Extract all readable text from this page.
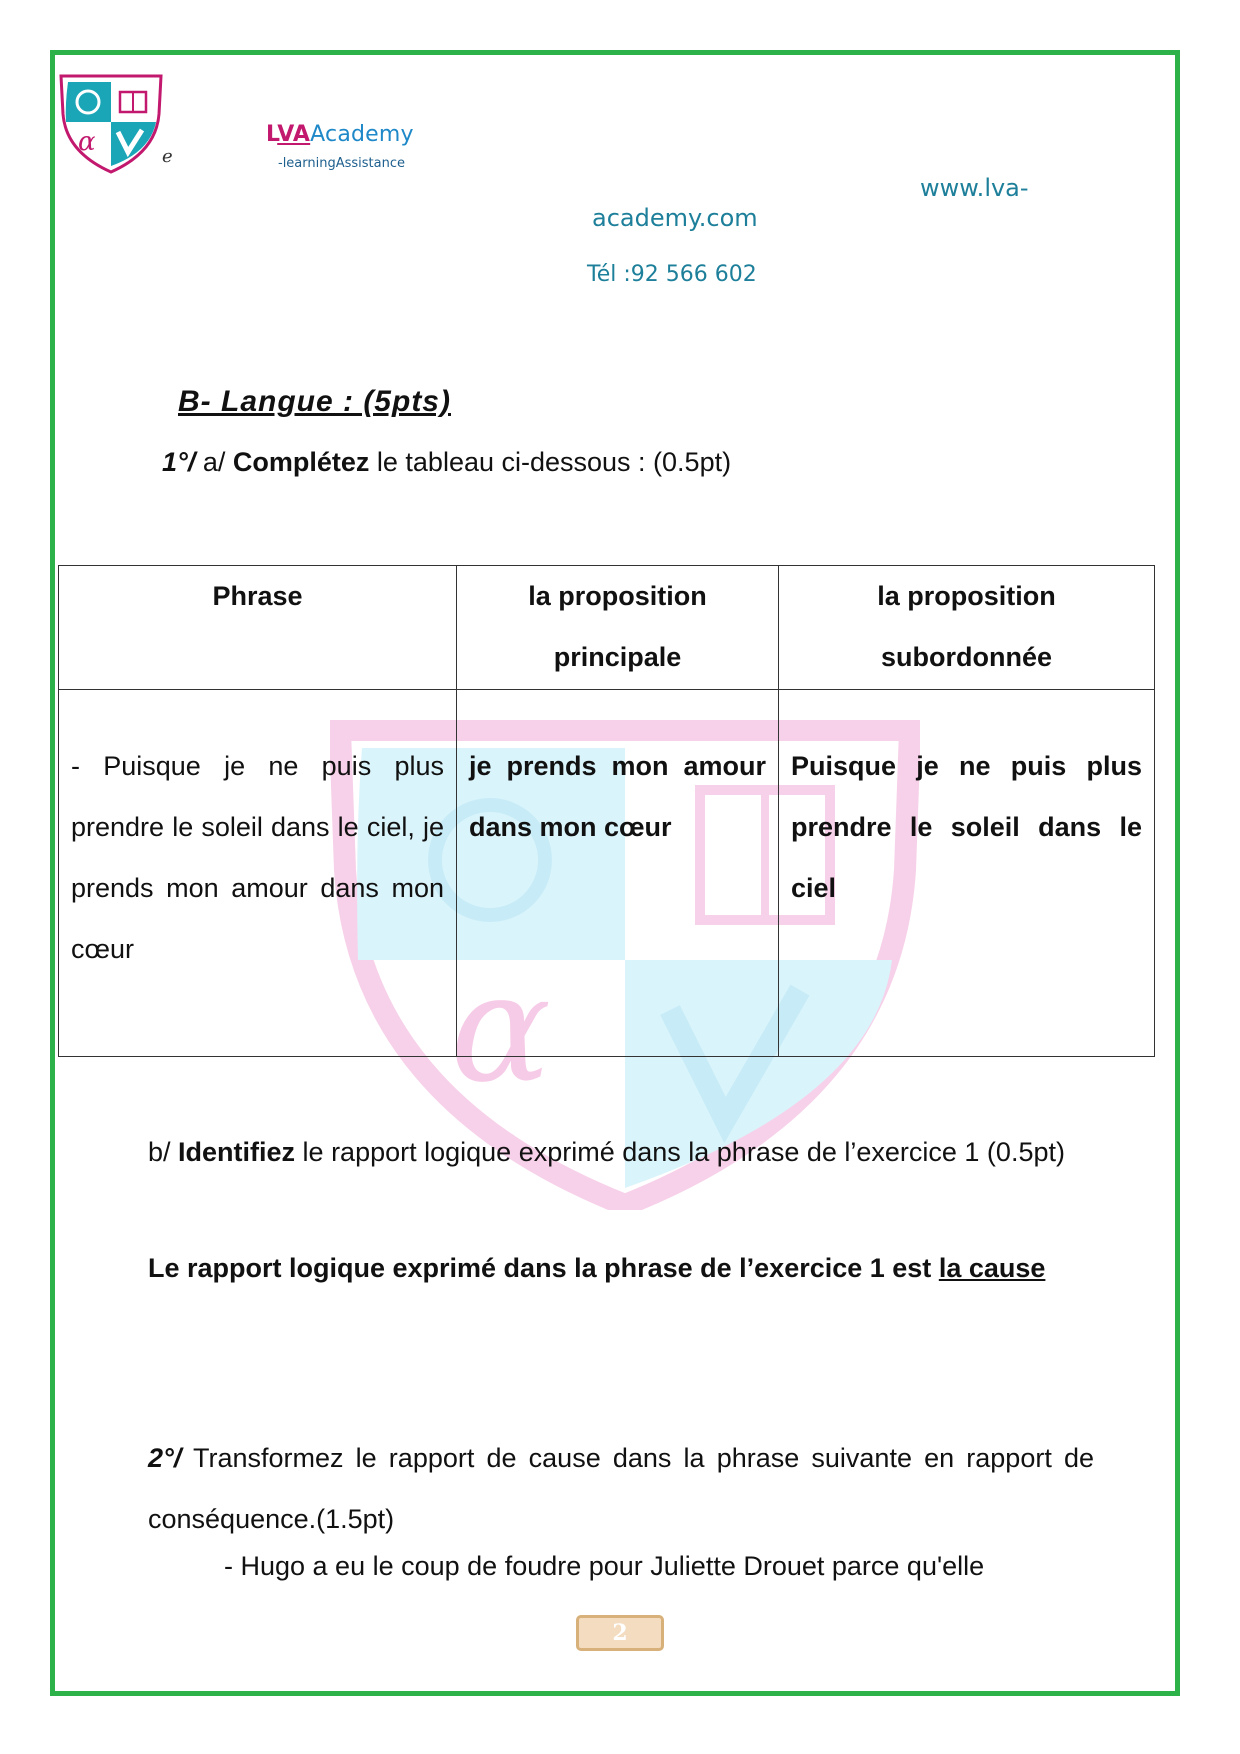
α	e
LVAAcademy
-learningAssistance
www.lva-
academy.com
Tél :92 566 602
α
B- Langue : (5pts)
1°/ a/ Complétez le tableau ci-dessous : (0.5pt)
Phrase	la proposition principale	la proposition subordonnée
- Puisque je ne puis plus prendre le soleil dans le ciel, je prends mon amour dans mon cœur	je prends mon amour dans mon cœur	Puisque je ne puis plus prendre le soleil dans le ciel
b/ Identifiez le rapport logique exprimé dans la phrase de l’exercice 1 (0.5pt)
Le rapport logique exprimé dans la phrase de l’exercice 1 est la cause
2°/ Transformez le rapport de cause dans la phrase suivante en rapport de conséquence.(1.5pt)
- Hugo a eu le coup de foudre pour Juliette Drouet parce qu'elle
2
